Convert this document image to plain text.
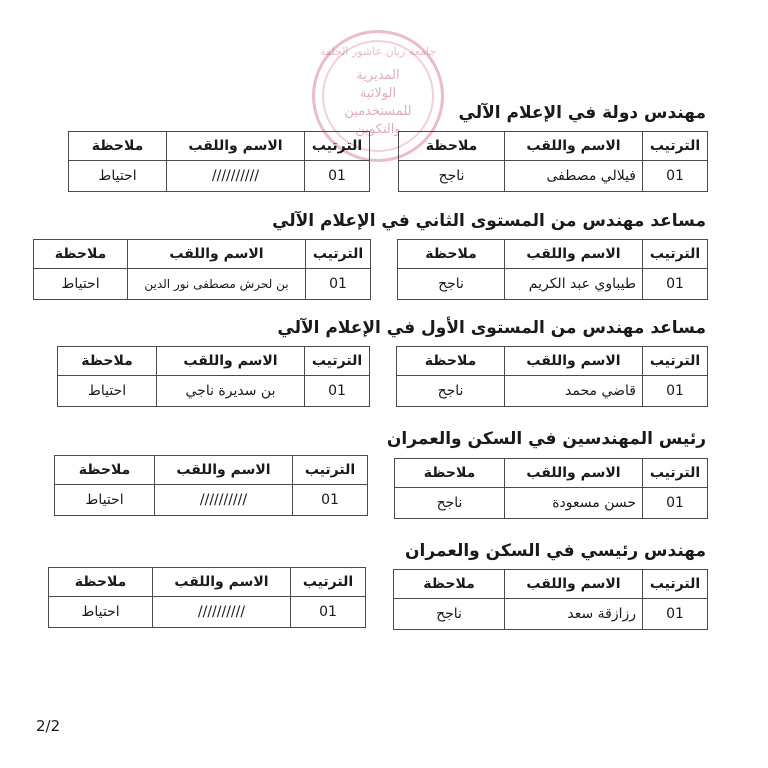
جامعة زيان عاشور الجلفة
المديرية
الولائية
للمستخدمين
والتكوين
مهندس دولة في الإعلام الآلي
الترتيب	الاسم واللقب	ملاحظة
01	فيلالي مصطفى	ناجح
الترتيب	الاسم واللقب	ملاحظة
01	//////////	احتياط
مساعد مهندس من المستوى الثاني في الإعلام الآلي
الترتيب	الاسم واللقب	ملاحظة
01	طيباوي عبد الكريم	ناجح
الترتيب	الاسم واللقب	ملاحظة
01	بن لحرش مصطفى نور الدين	احتياط
مساعد مهندس من المستوى الأول في الإعلام الآلي
الترتيب	الاسم واللقب	ملاحظة
01	قاضي محمد	ناجح
الترتيب	الاسم واللقب	ملاحظة
01	بن سديرة ناجي	احتياط
رئيس المهندسين في السكن والعمران
الترتيب	الاسم واللقب	ملاحظة
01	حسن مسعودة	ناجح
الترتيب	الاسم واللقب	ملاحظة
01	//////////	احتياط
مهندس رئيسي في السكن والعمران
الترتيب	الاسم واللقب	ملاحظة
01	رزازقة سعد	ناجح
الترتيب	الاسم واللقب	ملاحظة
01	//////////	احتياط
2/2
